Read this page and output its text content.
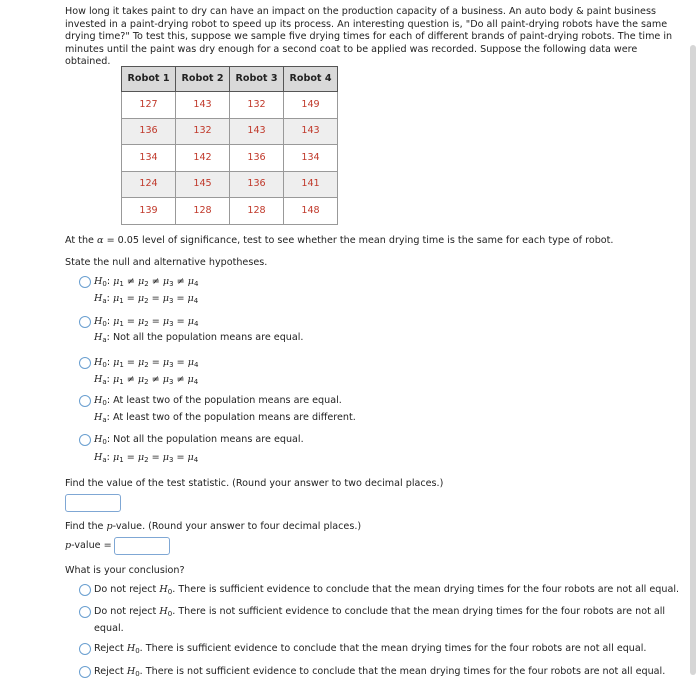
How long it takes paint to dry can have an impact on the production capacity of a business. An auto body & paint business invested in a paint-drying robot to speed up its process. An interesting question is, "Do all paint-drying robots have the same drying time?" To test this, suppose we sample five drying times for each of different brands of paint-drying robots. The time in minutes until the paint was dry enough for a second coat to be applied was recorded. Suppose the following data were obtained.
Robot 1	Robot 2	Robot 3	Robot 4
127	143	132	149
136	132	143	143
134	142	136	134
124	145	136	141
139	128	128	148
At the α = 0.05 level of significance, test to see whether the mean drying time is the same for each type of robot.
State the null and alternative hypotheses.
$H_0$: $\mu_1 \ne \mu_2 \ne \mu_3 \ne \mu_4$
$H_a$: $\mu_1 = \mu_2 = \mu_3 = \mu_4$
$H_0$: $\mu_1 = \mu_2 = \mu_3 = \mu_4$
$H_a$: Not all the population means are equal.
$H_0$: $\mu_1 = \mu_2 = \mu_3 = \mu_4$
$H_a$: $\mu_1 \ne \mu_2 \ne \mu_3 \ne \mu_4$
$H_0$: At least two of the population means are equal.
$H_a$: At least two of the population means are different.
$H_0$: Not all the population means are equal.
$H_a$: $\mu_1 = \mu_2 = \mu_3 = \mu_4$
Find the value of the test statistic. (Round your answer to two decimal places.)
Find the p-value. (Round your answer to four decimal places.)
p-value =
What is your conclusion?
Do not reject $H_0$. There is sufficient evidence to conclude that the mean drying times for the four robots are not all equal.
Do not reject $H_0$. There is not sufficient evidence to conclude that the mean drying times for the four robots are not all
equal.
Reject $H_0$. There is sufficient evidence to conclude that the mean drying times for the four robots are not all equal.
Reject $H_0$. There is not sufficient evidence to conclude that the mean drying times for the four robots are not all equal.
